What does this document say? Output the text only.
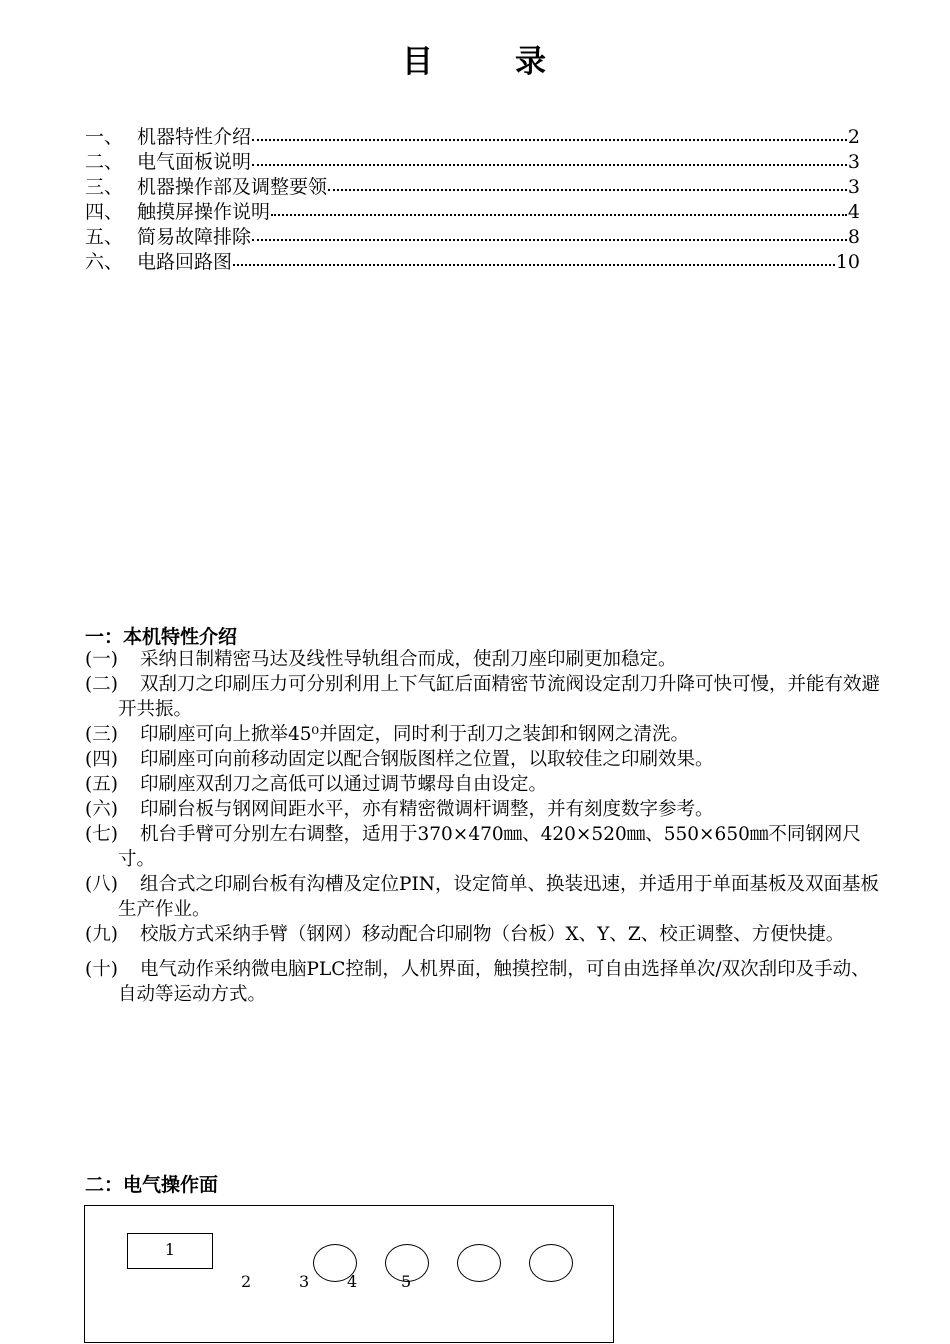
目	录
一、 机器特性介绍	2
二、 电气面板说明	3
三、 机器操作部及调整要领	3
四、 触摸屏操作说明	4
五、 简易故障排除	8
六、 电路回路图	10
一：本机特性介绍
(一) 采纳日制精密马达及线性导轨组合而成，使刮刀座印刷更加稳定。
(二) 双刮刀之印刷压力可分别利用上下气缸后面精密节流阀设定刮刀升降可快可慢，并能有效避开共振。
(三) 印刷座可向上掀举45⁰并固定，同时利于刮刀之装卸和钢网之清洗。
(四) 印刷座可向前移动固定以配合钢版图样之位置，以取较佳之印刷效果。
(五) 印刷座双刮刀之高低可以通过调节螺母自由设定。
(六) 印刷台板与钢网间距水平，亦有精密微调杆调整，并有刻度数字参考。
(七) 机台手臂可分别左右调整，适用于370×470㎜、420×520㎜、550×650㎜不同钢网尺寸。
(八) 组合式之印刷台板有沟槽及定位PIN，设定简单、换装迅速，并适用于单面基板及双面基板生产作业。
(九) 校版方式采纳手臂（钢网）移动配合印刷物（台板）X、Y、Z、校正调整、方便快捷。
(十) 电气动作采纳微电脑PLC控制，人机界面，触摸控制，可自由选择单次/双次刮印及手动、自动等运动方式。
二：电气操作面
1
2	3 4	5
